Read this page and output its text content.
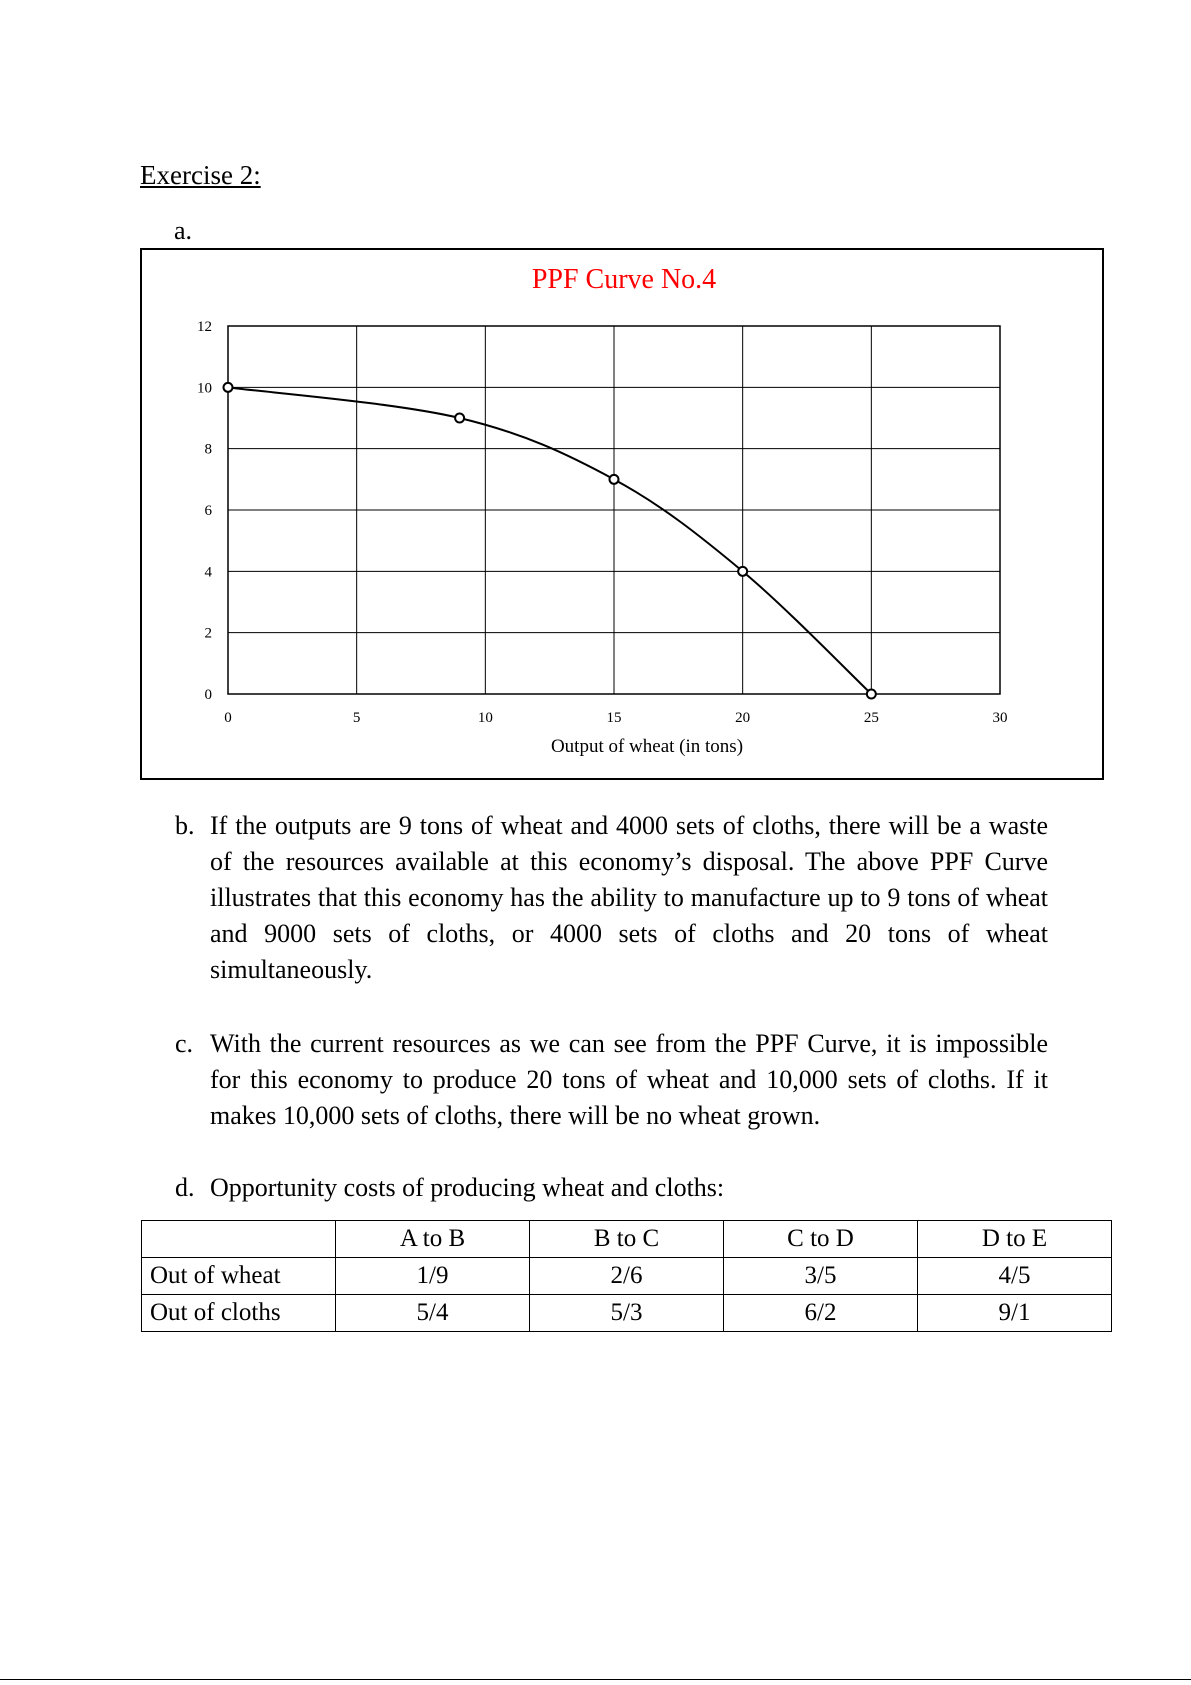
Exercise 2:
a.
PPF Curve No.4
0	5	10	15	20	25	30
0
2
4
6
8
10
12
Output of wheat (in tons)
b. If the outputs are 9 tons of wheat and 4000 sets of cloths, there will be a waste of the resources available at this economy’s disposal. The above PPF Curve illustrates that this economy has the ability to manufacture up to 9 tons of wheat and 9000 sets of cloths, or 4000 sets of cloths and 20 tons of wheat simultaneously.
c. With the current resources as we can see from the PPF Curve, it is impossible for this economy to produce 20 tons of wheat and 10,000 sets of cloths. If it makes 10,000 sets of cloths, there will be no wheat grown.
d. Opportunity costs of producing wheat and cloths:
	A to B	B to C	C to D	D to E
Out of wheat	1/9	2/6	3/5	4/5
Out of cloths	5/4	5/3	6/2	9/1
